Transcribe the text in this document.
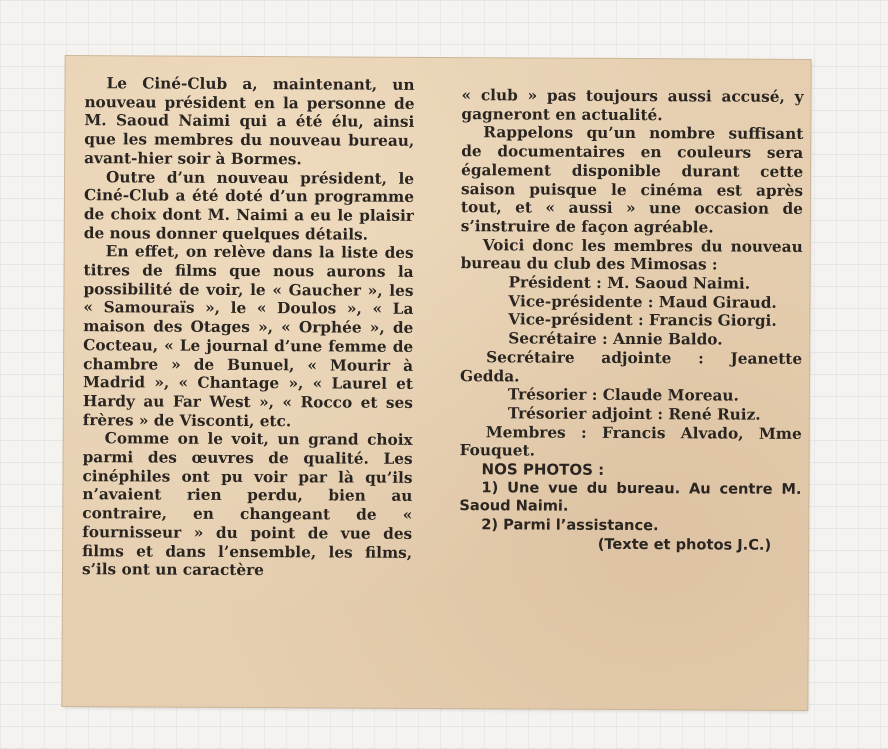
Le Ciné-Club a, maintenant, un nouveau président en la personne de M. Saoud Naimi qui a été élu, ainsi que les membres du nouveau bureau, avant-hier soir à Bormes.

Outre d’un nouveau président, le Ciné-Club a été doté d’un programme de choix dont M. Naimi a eu le plaisir de nous donner quelques détails.

En effet, on relève dans la liste des titres de films que nous aurons la possibilité de voir, le « Gaucher », les « Samouraïs », le « Doulos », « La maison des Otages », « Orphée », de Cocteau, « Le journal d’une femme de chambre » de Bunuel, « Mourir à Madrid », « Chantage », « Laurel et Hardy au Far West », « Rocco et ses frères » de Visconti, etc.

Comme on le voit, un grand choix parmi des œuvres de qualité. Les cinéphiles ont pu voir par là qu’ils n’avaient rien perdu, bien au contraire, en changeant de « fournisseur » du point de vue des films et dans l’ensemble, les films, s’ils ont un caractère

« club » pas toujours aussi accusé, y gagneront en actualité.

Rappelons qu’un nombre suffisant de documentaires en couleurs sera également disponible durant cette saison puisque le cinéma est après tout, et « aussi » une occasion de s’instruire de façon agréable.

Voici donc les membres du nouveau bureau du club des Mimosas :

Président : M. Saoud Naimi.

Vice-présidente : Maud Giraud.

Vice-président : Francis Giorgi.

Secrétaire : Annie Baldo.

Secrétaire adjointe : Jeanette Gedda.

Trésorier : Claude Moreau.

Trésorier adjoint : René Ruiz.

Membres : Francis Alvado, Mme Fouquet.

NOS PHOTOS :

1) Une vue du bureau. Au centre M. Saoud Naimi.

2) Parmi l’assistance.

(Texte et photos J.C.)
